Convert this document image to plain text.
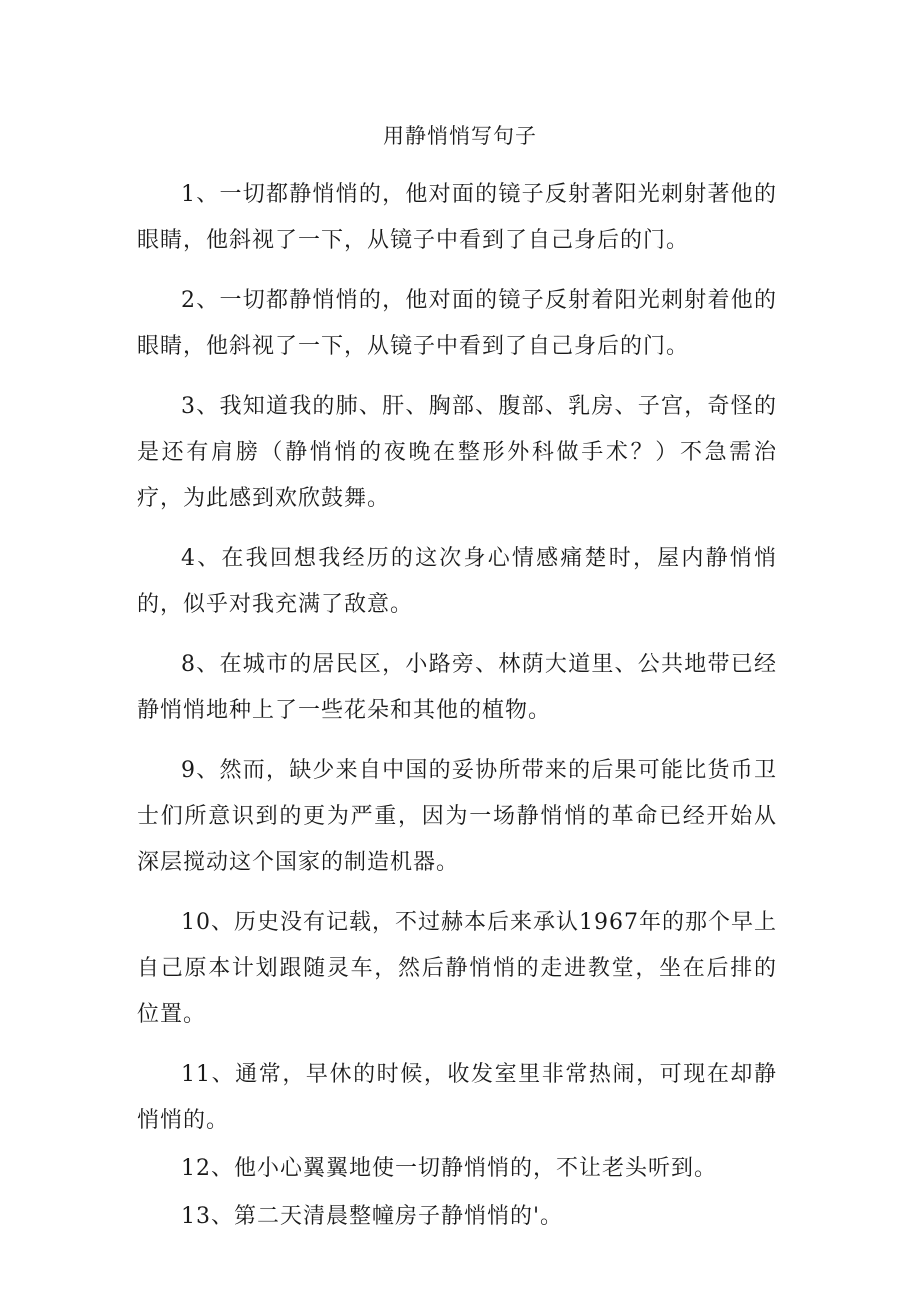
用静悄悄写句子

1、一切都静悄悄的，他对面的镜子反射著阳光刺射著他的眼睛，他斜视了一下，从镜子中看到了自己身后的门。

2、一切都静悄悄的，他对面的镜子反射着阳光刺射着他的眼睛，他斜视了一下，从镜子中看到了自己身后的门。

3、我知道我的肺、肝、胸部、腹部、乳房、子宫，奇怪的是还有肩膀（静悄悄的夜晚在整形外科做手术？）不急需治疗，为此感到欢欣鼓舞。

4、在我回想我经历的这次身心情感痛楚时，屋内静悄悄的，似乎对我充满了敌意。

8、在城市的居民区，小路旁、林荫大道里、公共地带已经静悄悄地种上了一些花朵和其他的植物。

9、然而，缺少来自中国的妥协所带来的后果可能比货币卫士们所意识到的更为严重，因为一场静悄悄的革命已经开始从深层搅动这个国家的制造机器。

10、历史没有记载，不过赫本后来承认1967年的那个早上自己原本计划跟随灵车，然后静悄悄的走进教堂，坐在后排的位置。

11、通常，早休的时候，收发室里非常热闹，可现在却静悄悄的。

12、他小心翼翼地使一切静悄悄的，不让老头听到。

13、第二天清晨整幢房子静悄悄的'。
